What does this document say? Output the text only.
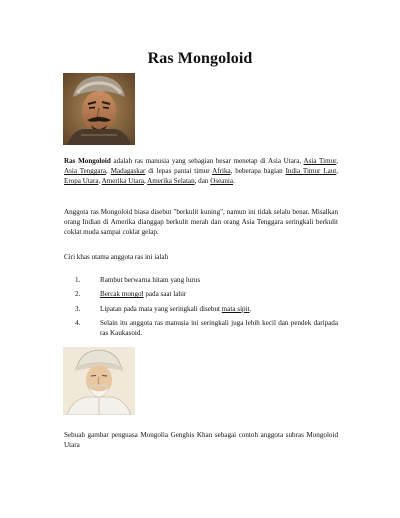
Ras Mongoloid
Ras Mongoloid adalah ras manusia yang sebagian besar menetap di Asia Utara, Asia Timur, Asia Tenggara, Madagaskar di lepas pantai timur Afrika, beberapa bagian India Timur Laut, Eropa Utara, Amerika Utara, Amerika Selatan, dan Oseania.
Anggota ras Mongoloid biasa disebut "berkulit kuning", namun ini tidak selalu benar. Misalkan orang Indian di Amerika dianggap berkulit merah dan orang Asia Tenggara seringkali berkulit coklat muda sampai coklat gelap.
Ciri khas utama anggota ras ini ialah
1.	Rambut berwarna hitam yang lurus
2.	Bercak mongol pada saat lahir
3.	Lipatan pada mata yang seringkali disebut mata sipit.
4.	Selain itu anggota ras manusia ini seringkali juga lebih kecil dan pendek daripada ras Kaukasoid.
Sebuah gambar penguasa Mongolia Genghis Khan sebagai contoh anggota subras Mongoloid Utara
